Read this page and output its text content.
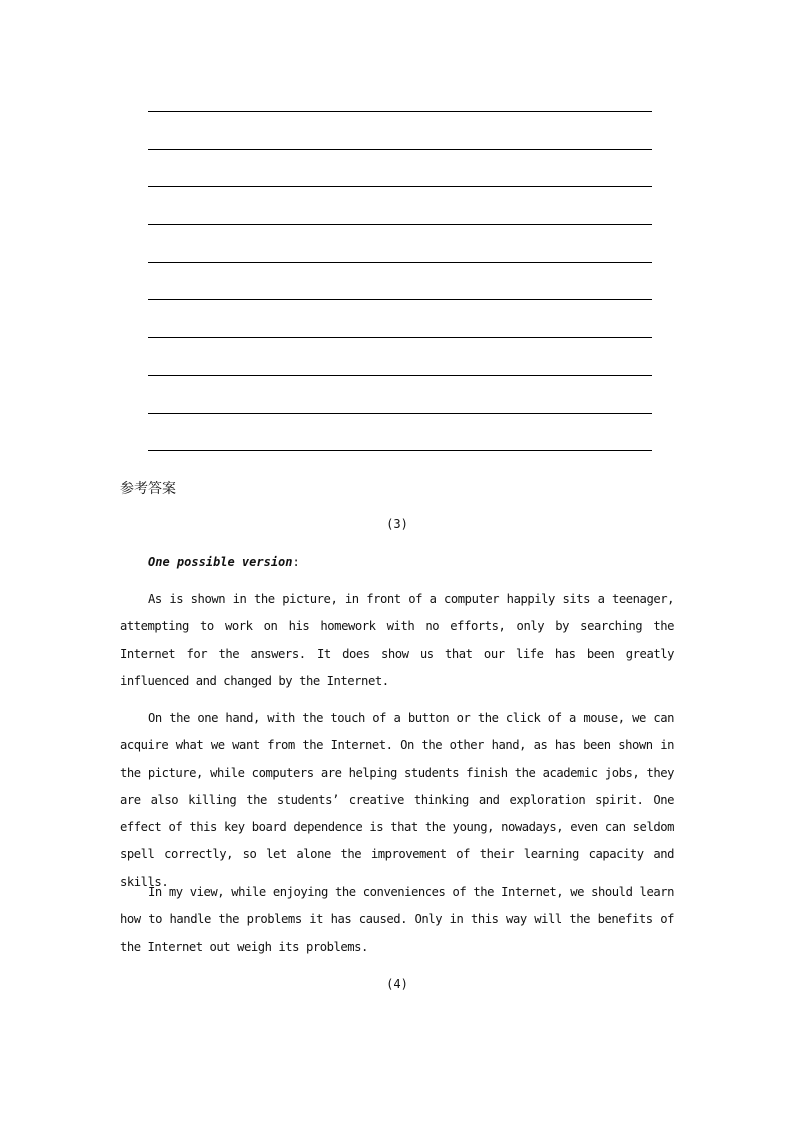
参考答案
(3)
One possible version:

As is shown in the picture, in front of a computer happily sits a teenager, attempting to work on his homework with no efforts, only by searching the Internet for the answers. It does show us that our life has been greatly influenced and changed by the Internet.

On the one hand, with the touch of a button or the click of a mouse, we can acquire what we want from the Internet. On the other hand, as has been shown in the picture, while computers are helping students finish the academic jobs, they are also killing the students’ creative thinking and exploration spirit. One effect of this key board dependence is that the young, nowadays, even can seldom spell correctly, so let alone the improvement of their learning capacity and skills.

In my view, while enjoying the conveniences of the Internet, we should learn how to handle the problems it has caused. Only in this way will the benefits of the Internet out weigh its problems.

(4)
